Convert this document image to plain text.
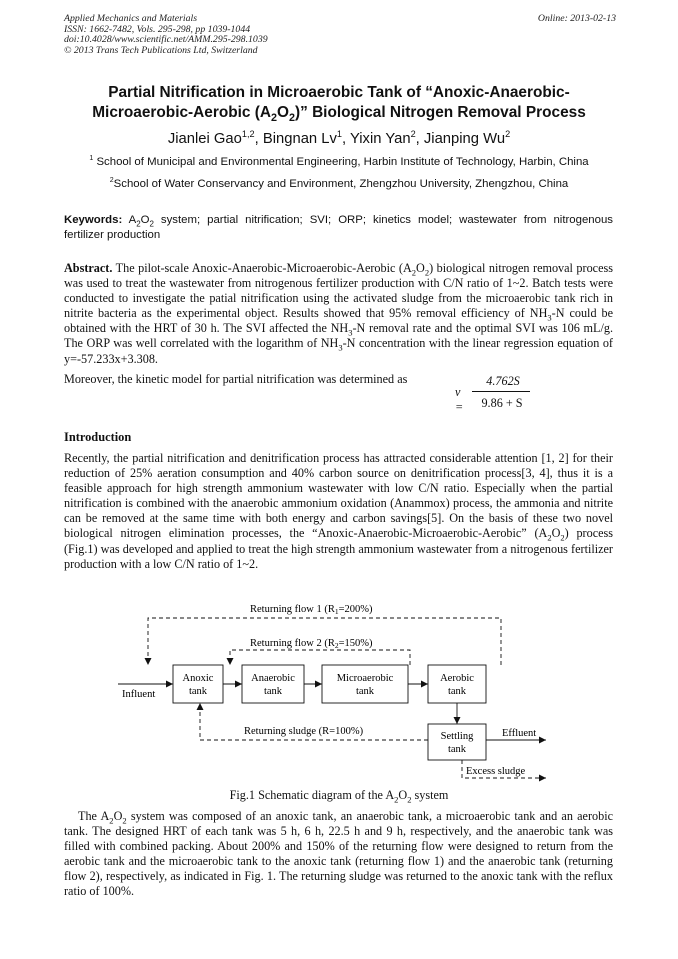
Applied Mechanics and Materials
ISSN: 1662-7482, Vols. 295-298, pp 1039-1044
doi:10.4028/www.scientific.net/AMM.295-298.1039
© 2013 Trans Tech Publications Ltd, Switzerland
Online: 2013-02-13
Partial Nitrification in Microaerobic Tank of “Anoxic-Anaerobic-
Microaerobic-Aerobic $(A_2O_2)$” Biological Nitrogen Removal Process
Jianlei Gao$^{1,2}$, Bingnan Lv$^1$, Yixin Yan$^2$, Jianping Wu$^2$
$^1$ School of Municipal and Environmental Engineering, Harbin Institute of Technology, Harbin, China
$^2$School of Water Conservancy and Environment, Zhengzhou University, Zhengzhou, China
Keywords: $A_2O_2$ system; partial nitrification; SVI; ORP; kinetics model; wastewater from nitrogenous fertilizer production
Abstract. The pilot-scale Anoxic-Anaerobic-Microaerobic-Aerobic $(A_2O_2)$ biological nitrogen removal process was used to treat the wastewater from nitrogenous fertilizer production with C/N ratio of 1~2. Batch tests were conducted to investigate the patial nitrification using the activated sludge from the microaerobic tank rich in nitrite bacteria as the experimental object. Results showed that 95% removal efficiency of $NH_3-N$ could be obtained with the HRT of 30 h. The SVI affected the $NH_3-N$ removal rate and the optimal SVI was 106 mL/g. The ORP was well correlated with the logarithm of $NH_3-N$ concentration with the linear regression equation of y=-57.233x+3.308.
Moreover, the kinetic model for partial nitrification was determined as
v =
4.762S
9.86 + S
Introduction
Recently, the partial nitrification and denitrification process has attracted considerable attention [1, 2] for their reduction of 25% aeration consumption and 40% carbon source on denitrification process[3, 4], thus it is a feasible approach for high strength ammonium wastewater with low C/N ratio. Especially when the partial nitrification is combined with the anaerobic ammonium oxidation (Anammox) process, the ammonia and nitrite can be removed at the same time with both energy and carbon savings[5]. On the basis of these two novel biological nitrogen elimination processes, the “Anoxic-Anaerobic-Microaerobic-Aerobic” $(A_2O_2)$ process (Fig.1) was developed and applied to treat the high strength ammonium wastewater from a nitrogenous fertilizer production with a low C/N ratio of 1~2.
Returning flow 1 (R1=200%)
Returning flow 2 (R2=150%)
Anoxic
tank
Anaerobic
tank
Microaerobic
tank
Aerobic
tank
Settling
tank
Influent
Effluent
Returning sludge (R=100%)
Excess sludge
Fig.1 Schematic diagram of the $A_2O_2$ system
The $A_2O_2$ system was composed of an anoxic tank, an anaerobic tank, a microaerobic tank and an aerobic tank. The designed HRT of each tank was 5 h, 6 h, 22.5 h and 9 h, respectively, and the anaerobic tank was filled with combined packing. About 200% and 150% of the returning flow were designed to return from the aerobic tank and the microaerobic tank to the anoxic tank (returning flow 1) and the anaerobic tank (returning flow 2), respectively, as indicated in Fig. 1. The returning sludge was returned to the anoxic tank with the reflux ratio of 100%.
